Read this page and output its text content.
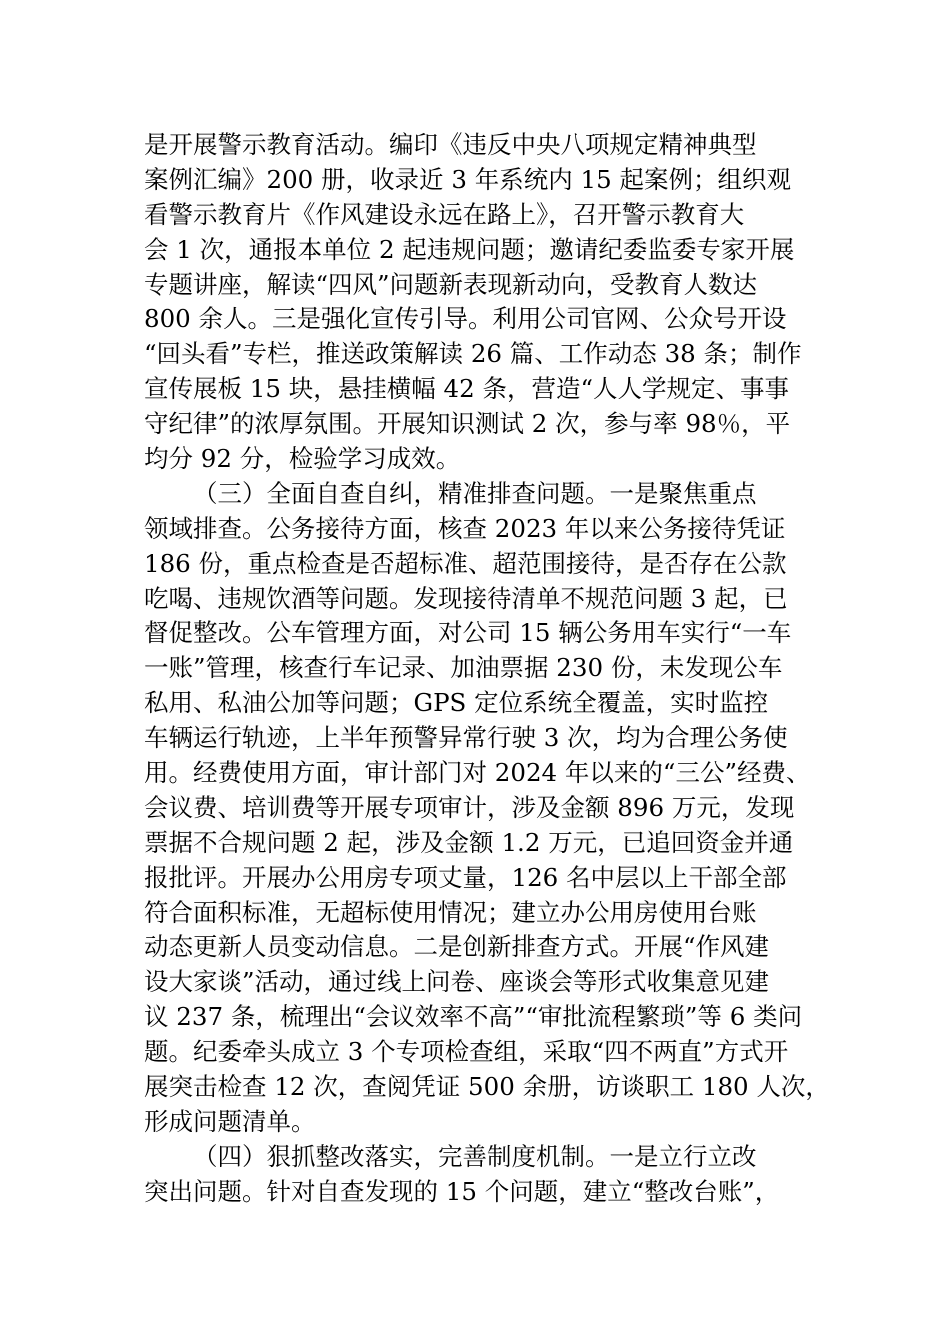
是开展警示教育活动。编印《违反中央八项规定精神典型
案例汇编》200 册，收录近 3 年系统内 15 起案例；组织观
看警示教育片《作风建设永远在路上》，召开警示教育大
会 1 次，通报本单位 2 起违规问题；邀请纪委监委专家开展
专题讲座，解读“四风”问题新表现新动向，受教育人数达
800 余人。三是强化宣传引导。利用公司官网、公众号开设
“回头看”专栏，推送政策解读 26 篇、工作动态 38 条；制作
宣传展板 15 块，悬挂横幅 42 条，营造“人人学规定、事事
守纪律”的浓厚氛围。开展知识测试 2 次，参与率 98％，平
均分 92 分，检验学习成效。
（三）全面自查自纠，精准排查问题。一是聚焦重点
领域排查。公务接待方面，核查 2023 年以来公务接待凭证
186 份，重点检查是否超标准、超范围接待，是否存在公款
吃喝、违规饮酒等问题。发现接待清单不规范问题 3 起，已
督促整改。公车管理方面，对公司 15 辆公务用车实行“一车
一账”管理，核查行车记录、加油票据 230 份，未发现公车
私用、私油公加等问题；GPS 定位系统全覆盖，实时监控
车辆运行轨迹，上半年预警异常行驶 3 次，均为合理公务使
用。经费使用方面，审计部门对 2024 年以来的“三公”经费、
会议费、培训费等开展专项审计，涉及金额 896 万元，发现
票据不合规问题 2 起，涉及金额 1.2 万元，已追回资金并通
报批评。开展办公用房专项丈量，126 名中层以上干部全部
符合面积标准，无超标使用情况；建立办公用房使用台账
动态更新人员变动信息。二是创新排查方式。开展“作风建
设大家谈”活动，通过线上问卷、座谈会等形式收集意见建
议 237 条，梳理出“会议效率不高”“审批流程繁琐”等 6 类问
题。纪委牵头成立 3 个专项检查组，采取“四不两直”方式开
展突击检查 12 次，查阅凭证 500 余册，访谈职工 180 人次，
形成问题清单。
（四）狠抓整改落实，完善制度机制。一是立行立改
突出问题。针对自查发现的 15 个问题，建立“整改台账”，
